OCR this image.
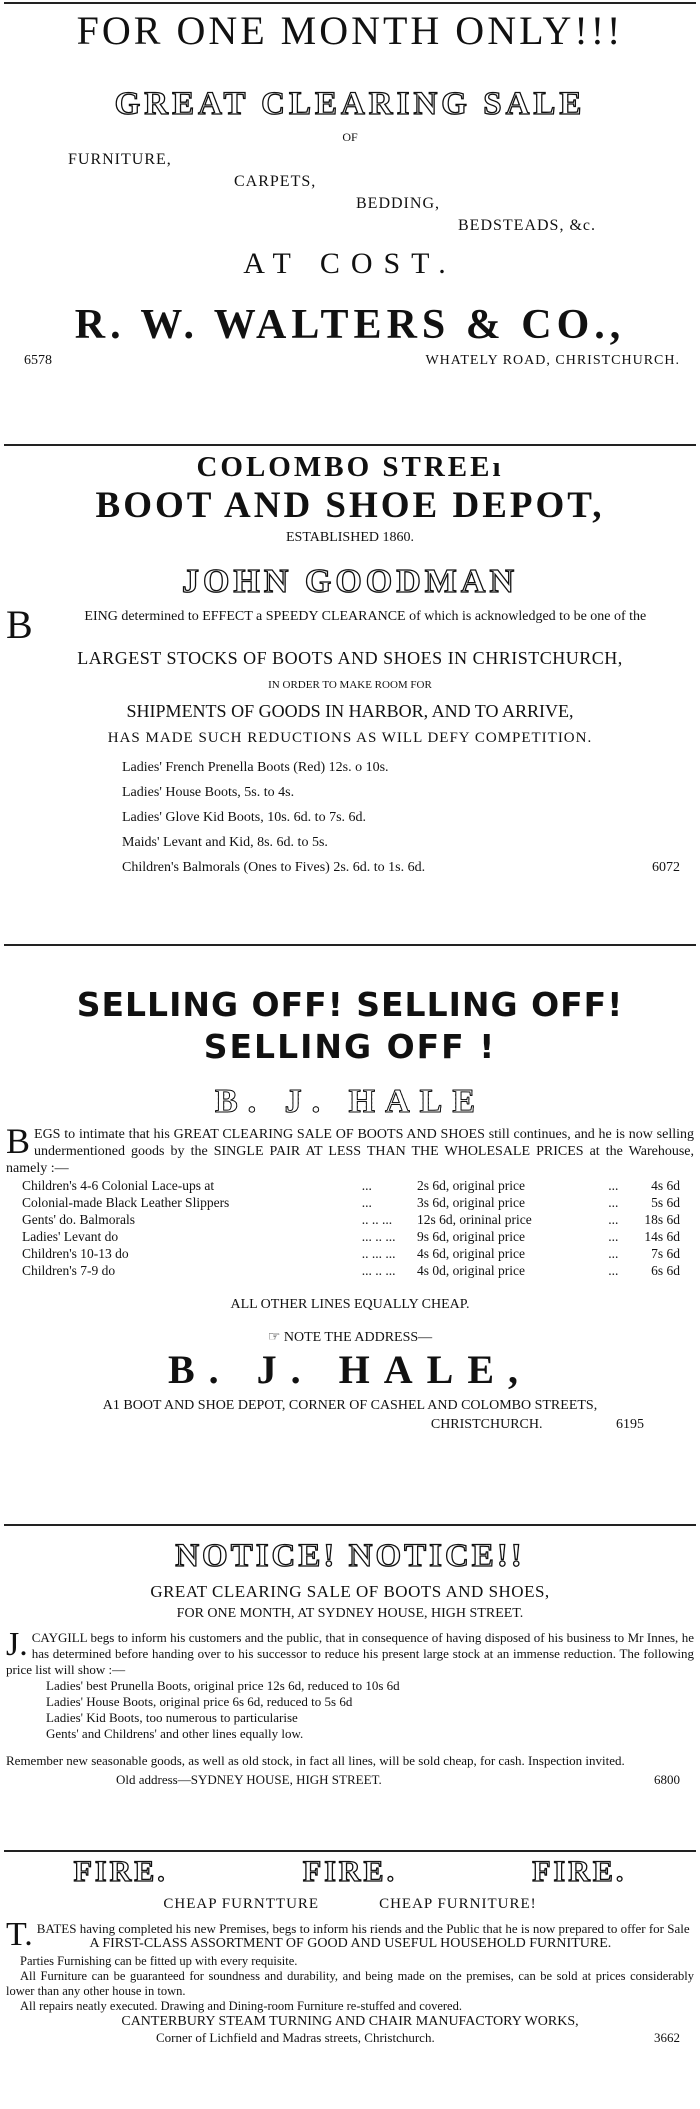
FOR ONE MONTH ONLY!!!
GREAT CLEARING SALE
OF
FURNITURE,
CARPETS,
BEDDING,
BEDSTEADS, &c.
AT COST.
R. W. WALTERS & CO.,
6578	WHATELY ROAD, CHRISTCHURCH.
COLOMBO STREEı
BOOT AND SHOE DEPOT,
ESTABLISHED 1860.
JOHN GOODMAN
B	EING determined to EFFECT a SPEEDY CLEARANCE of which is acknowledged to be one of the
LARGEST STOCKS OF BOOTS AND SHOES IN CHRISTCHURCH,
IN ORDER TO MAKE ROOM FOR
SHIPMENTS OF GOODS IN HARBOR, AND TO ARRIVE,
HAS MADE SUCH REDUCTIONS AS WILL DEFY COMPETITION.
Ladies' French Prenella Boots (Red) 12s. o 10s.
Ladies' House Boots, 5s. to 4s.
Ladies' Glove Kid Boots, 10s. 6d. to 7s. 6d.
Maids' Levant and Kid, 8s. 6d. to 5s.
Children's Balmorals (Ones to Fives) 2s. 6d. to 1s. 6d.	6072
SELLING OFF! SELLING OFF!
SELLING OFF !
B. J. HALE
B EGS to intimate that his GREAT CLEARING SALE OF BOOTS AND SHOES still continues, and he is now selling undermentioned goods by the SINGLE PAIR AT LESS THAN THE WHOLESALE PRICES at the Warehouse, namely :—
Children's 4-6 Colonial Lace-ups at	...	2s 6d, original price	...	4s 6d
Colonial-made Black Leather Slippers	...	3s 6d, original price	...	5s 6d
Gents' do. Balmorals	.. .. ...	12s 6d, orininal price	...	18s 6d
Ladies' Levant do	... .. ...	9s 6d, original price	...	14s 6d
Children's 10-13 do	.. ... ...	4s 6d, original price	...	7s 6d
Children's 7-9 do	... .. ...	4s 0d, original price	...	6s 6d
ALL OTHER LINES EQUALLY CHEAP.
☞ NOTE THE ADDRESS—
B. J. HALE,
A1 BOOT AND SHOE DEPOT, CORNER OF CASHEL AND COLOMBO STREETS,
CHRISTCHURCH.	6195
NOTICE! NOTICE!!
GREAT CLEARING SALE OF BOOTS AND SHOES,
FOR ONE MONTH, AT SYDNEY HOUSE, HIGH STREET.
J. CAYGILL begs to inform his customers and the public, that in consequence of having disposed of his business to Mr Innes, he has determined before handing over to his successor to reduce his present large stock at an immense reduction. The following price list will show :—
Ladies' best Prunella Boots, original price 12s 6d, reduced to 10s 6d
Ladies' House Boots, original price 6s 6d, reduced to 5s 6d
Ladies' Kid Boots, too numerous to particularise
Gents' and Childrens' and other lines equally low.
Remember new seasonable goods, as well as old stock, in fact all lines, will be sold cheap, for cash. Inspection invited.
Old address—SYDNEY HOUSE, HIGH STREET.	6800
FIRE.	FIRE.	FIRE.
CHEAP FURNTTURE	CHEAP FURNITURE!
T. BATES having completed his new Premises, begs to inform his riends and the Public that he is now prepared to offer for Sale
A FIRST-CLASS ASSORTMENT OF GOOD AND USEFUL HOUSEHOLD FURNITURE.
Parties Furnishing can be fitted up with every requisite.
All Furniture can be guaranteed for soundness and durability, and being made on the premises, can be sold at prices considerably lower than any other house in town.
All repairs neatly executed. Drawing and Dining-room Furniture re-stuffed and covered.
CANTERBURY STEAM TURNING AND CHAIR MANUFACTORY WORKS,
Corner of Lichfield and Madras streets, Christchurch.	3662
